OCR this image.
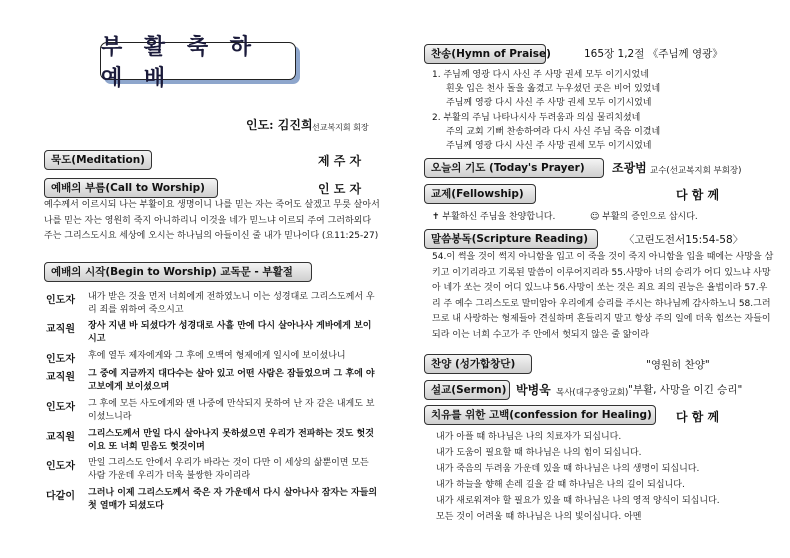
부 활 축 하 예 배
인도: 김진희 선교복지회 회장
묵도(Meditation)	제 주 자
예배의 부름(Call to Worship)	인 도 자
예수께서 이르시되 나는 부활이요 생명이니 나를 믿는 자는 죽어도 살겠고 무릇 살아서 나를 믿는 자는 영원히 죽지 아니하리니 이것을 네가 믿느냐 이르되 주여 그러하외다 주는 그리스도시요 세상에 오시는 하나님의 아들이신 줄 내가 믿나이다 (요11:25-27)
예배의 시작(Begin to Worship) 교독문 - 부활절
인도자 내가 받은 것을 먼저 너희에게 전하였노니 이는 성경대로 그리스도께서 우리 죄를 위하여 죽으시고
교직원 장사 지낸 바 되셨다가 성경대로 사흘 만에 다시 살아나사 게바에게 보이시고
인도자 후에 열두 제자에게와 그 후에 오백여 형제에게 일시에 보이셨나니
교직원 그 중에 지금까지 대다수는 살아 있고 어떤 사람은 잠들었으며 그 후에 야고보에게 보이셨으며
인도자 그 후에 모든 사도에게와 맨 나중에 만삭되지 못하여 난 자 같은 내게도 보이셨느니라
교직원 그리스도께서 만일 다시 살아나지 못하셨으면 우리가 전파하는 것도 헛것이요 또 너희 믿음도 헛것이며
인도자 만일 그리스도 안에서 우리가 바라는 것이 다만 이 세상의 삶뿐이면 모든 사람 가운데 우리가 더욱 불쌍한 자이리라
다같이 그러나 이제 그리스도께서 죽은 자 가운데서 다시 살아나사 잠자는 자들의 첫 열매가 되셨도다
찬송(Hymn of Praise)	165장 1,2절 《주님께 영광》
1. 주님께 영광 다시 사신 주 사망 권세 모두 이기시었네
흰옷 입은 천사 돌을 옮겼고 누우셨던 곳은 비어 있었네
주님께 영광 다시 사신 주 사망 권세 모두 이기시었네
2. 부활의 주님 나타나시사 두려움과 의심 물리치셨네
주의 교회 기뻐 찬송하여라 다시 사신 주님 죽음 이겼네
주님께 영광 다시 사신 주 사망 권세 모두 이기시었네
오늘의 기도 (Today's Prayer)	조광범 교수(선교복지회 부회장)
교제(Fellowship)	다 함 께
✝ 부활하신 주님을 찬양합니다.	☺ 부활의 증인으로 삽시다.
말씀봉독(Scripture Reading)	〈고린도전서15:54-58〉
54.이 썩을 것이 썩지 아니함을 입고 이 죽을 것이 죽지 아니함을 입을 때에는 사망을 삼키고 이기리라고 기록된 말씀이 이루어지리라 55.사망아 너의 승리가 어디 있느냐 사망아 네가 쏘는 것이 어디 있느냐 56.사망이 쏘는 것은 죄요 죄의 권능은 율법이라 57.우리 주 예수 그리스도로 말미암아 우리에게 승리를 주시는 하나님께 감사하노니 58.그러므로 내 사랑하는 형제들아 견실하며 흔들리지 말고 항상 주의 일에 더욱 힘쓰는 자들이 되라 이는 너희 수고가 주 안에서 헛되지 않은 줄 앎이라
찬양 (성가합창단)	"영원히 찬양"
설교(Sermon) 박병욱 목사(대구중앙교회) "부활, 사망을 이긴 승리"
치유를 위한 고백(confession for Healing)	다 함 께
내가 아플 때 하나님은 나의 치료자가 되십니다.
내가 도움이 필요할 때 하나님은 나의 힘이 되십니다.
내가 죽음의 두려움 가운데 있을 때 하나님은 나의 생명이 되십니다.
내가 하늘을 향해 손레 길을 갈 때 하나님은 나의 길이 되십니다.
내가 새로워져야 할 필요가 있을 때 하나님은 나의 영적 양식이 되십니다.
모든 것이 어려울 때 하나님은 나의 빛이십니다. 아멘
